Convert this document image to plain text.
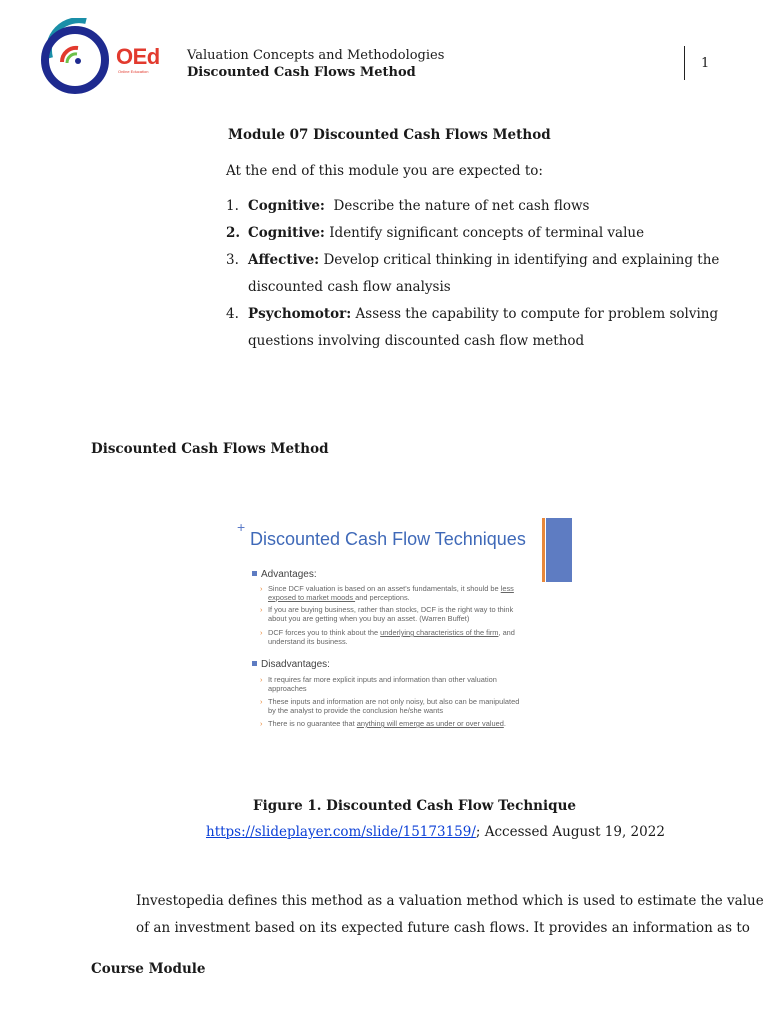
OEd
Online Education
Valuation Concepts and Methodologies
Discounted Cash Flows Method
1
Module 07 Discounted Cash Flows Method
At the end of this module you are expected to:
1. Cognitive:  Describe the nature of net cash flows
2. Cognitive: Identify significant concepts of terminal value
3. Affective: Develop critical thinking in identifying and explaining the
discounted cash flow analysis
4. Psychomotor: Assess the capability to compute for problem solving
questions involving discounted cash flow method
Discounted Cash Flows Method
+
Discounted Cash Flow Techniques
Advantages:
› Since DCF valuation is based on an asset's fundamentals, it should be less
exposed to market moods and perceptions.
› If you are buying business, rather than stocks, DCF is the right way to think
about you are getting when you buy an asset. (Warren Buffet)
› DCF forces you to think about the underlying characteristics of the firm, and
understand its business.
Disadvantages:
› It requires far more explicit inputs and information than other valuation
approaches
› These inputs and information are not only noisy, but also can be manipulated
by the analyst to provide the conclusion he/she wants
› There is no guarantee that anything will emerge as under or over valued.
Figure 1. Discounted Cash Flow Technique
https://slideplayer.com/slide/15173159/; Accessed August 19, 2022
Investopedia defines this method as a valuation method which is used to estimate the value
of an investment based on its expected future cash flows. It provides an information as to
Course Module
